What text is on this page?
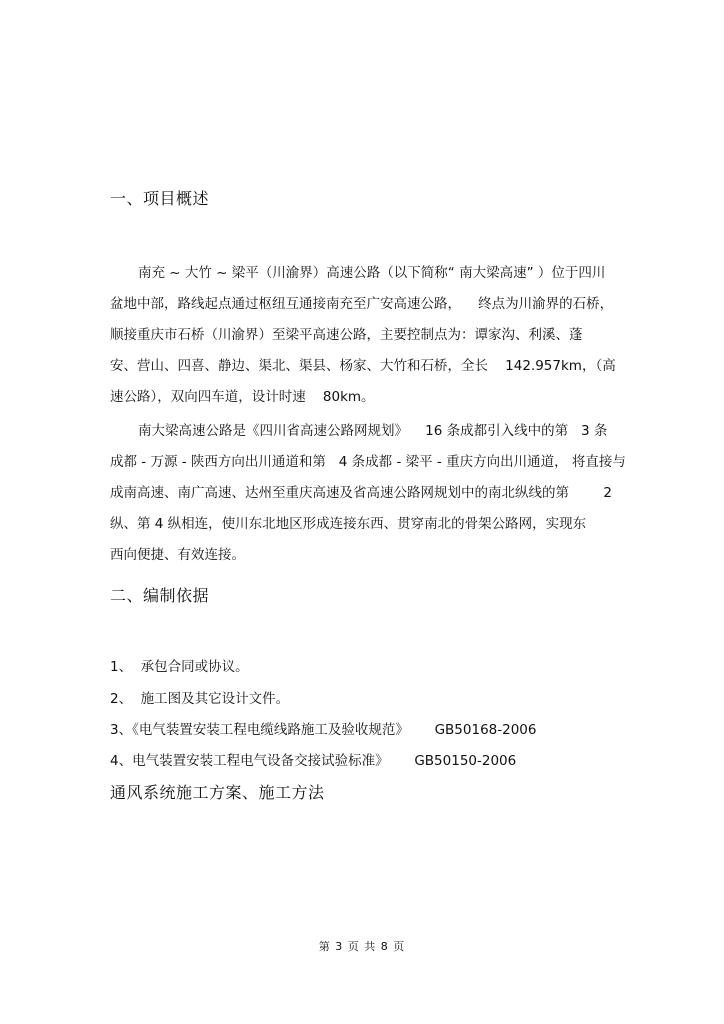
一、项目概述
南充 ~ 大竹 ~ 梁平（川渝界）高速公路（以下简称“ 南大梁高速” ）位于四川
盆地中部，路线起点通过枢纽互通接南充至广安高速公路，    终点为川渝界的石桥，
顺接重庆市石桥（川渝界）至梁平高速公路，主要控制点为：谭家沟、利溪、蓬
安、营山、四喜、静边、渠北、渠县、杨家、大竹和石桥，全长    142.957km，（高
速公路），双向四车道，设计时速    80km。
南大梁高速公路是《四川省高速公路网规划》    16 条成都引入线中的第   3 条
成都 - 万源 - 陕西方向出川通道和第   4 条成都 - 梁平 - 重庆方向出川通道， 将直接与
成南高速、南广高速、达州至重庆高速及省高速公路网规划中的南北纵线的第        2
纵、第 4 纵相连，使川东北地区形成连接东西、贯穿南北的骨架公路网，实现东
西向便捷、有效连接。
二、编制依据
1、  承包合同或协议。
2、  施工图及其它设计文件。
3、《电气装置安装工程电缆线路施工及验收规范》      GB50168-2006
4、电气装置安装工程电气设备交接试验标准》      GB50150-2006
通风系统施工方案、施工方法
第 3 页 共 8 页
